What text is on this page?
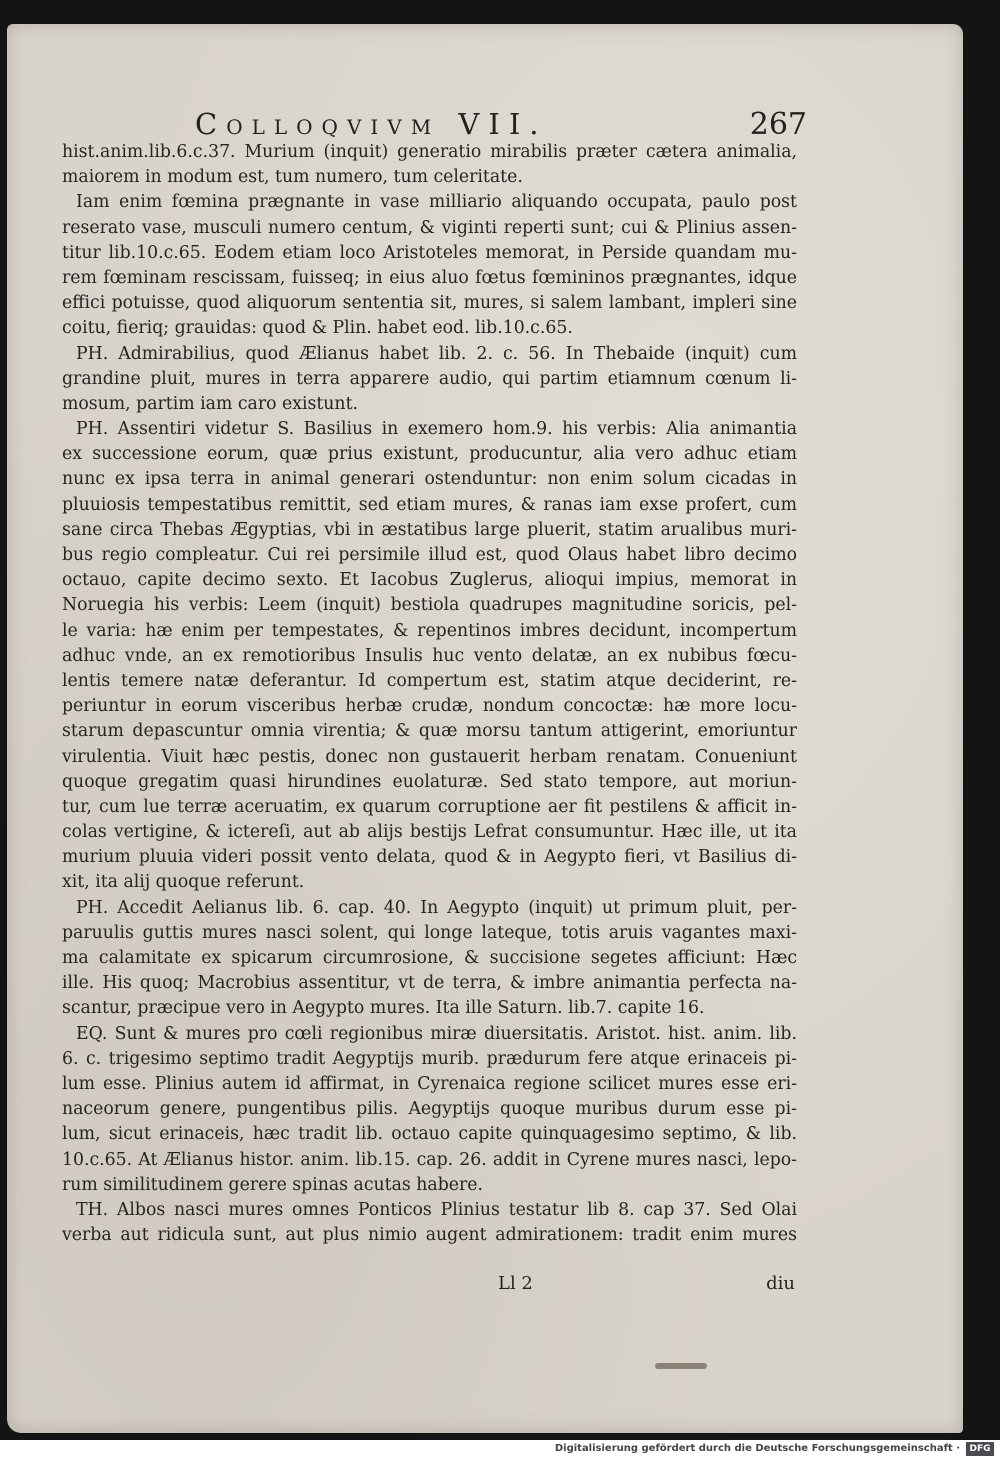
Colloqvivm VII.	267
hist.anim.lib.6.c.37. Murium (inquit) generatio mirabilis præter cætera animalia,
maiorem in modum est, tum numero, tum celeritate.
Iam enim fœmina prægnante in vase milliario aliquando occupata, paulo post
reserato vase, musculi numero centum, & viginti reperti sunt; cui & Plinius assen-
titur lib.10.c.65. Eodem etiam loco Aristoteles memorat, in Perside quandam mu-
rem fœminam rescissam, fuisseq; in eius aluo fœtus fœmininos prægnantes, idque
effici potuisse, quod aliquorum sententia sit, mures, si salem lambant, impleri sine
coitu, fieriq; grauidas: quod & Plin. habet eod. lib.10.c.65.
PH. Admirabilius, quod Ælianus habet lib. 2. c. 56. In Thebaide (inquit) cum
grandine pluit, mures in terra apparere audio, qui partim etiamnum cœnum li-
mosum, partim iam caro existunt.
PH. Assentiri videtur S. Basilius in exemero hom.9. his verbis: Alia animantia
ex successione eorum, quæ prius existunt, producuntur, alia vero adhuc etiam
nunc ex ipsa terra in animal generari ostenduntur: non enim solum cicadas in
pluuiosis tempestatibus remittit, sed etiam mures, & ranas iam exse profert, cum
sane circa Thebas Ægyptias, vbi in æstatibus large pluerit, statim arualibus muri-
bus regio compleatur. Cui rei persimile illud est, quod Olaus habet libro decimo
octauo, capite decimo sexto. Et Iacobus Zuglerus, alioqui impius, memorat in
Noruegia his verbis: Leem (inquit) bestiola quadrupes magnitudine soricis, pel-
le varia: hæ enim per tempestates, & repentinos imbres decidunt, incompertum
adhuc vnde, an ex remotioribus Insulis huc vento delatæ, an ex nubibus fœcu-
lentis temere natæ deferantur. Id compertum est, statim atque deciderint, re-
periuntur in eorum visceribus herbæ crudæ, nondum concoctæ: hæ more locu-
starum depascuntur omnia virentia; & quæ morsu tantum attigerint, emoriuntur
virulentia. Viuit hæc pestis, donec non gustauerit herbam renatam. Conueniunt
quoque gregatim quasi hirundines euolaturæ. Sed stato tempore, aut moriun-
tur, cum lue terræ aceruatim, ex quarum corruptione aer fit pestilens & afficit in-
colas vertigine, & ictereſi, aut ab alijs bestijs Lefrat consumuntur. Hæc ille, ut ita
murium pluuia videri possit vento delata, quod & in Aegypto fieri, vt Basilius di-
xit, ita alij quoque referunt.
PH. Accedit Aelianus lib. 6. cap. 40. In Aegypto (inquit) ut primum pluit, per-
paruulis guttis mures nasci solent, qui longe lateque, totis aruis vagantes maxi-
ma calamitate ex spicarum circumrosione, & succisione segetes afficiunt: Hæc
ille. His quoq; Macrobius assentitur, vt de terra, & imbre animantia perfecta na-
scantur, præcipue vero in Aegypto mures. Ita ille Saturn. lib.7. capite 16.
EQ. Sunt & mures pro cœli regionibus miræ diuersitatis. Aristot. hist. anim. lib.
6. c. trigesimo septimo tradit Aegyptijs murib. prædurum fere atque erinaceis pi-
lum esse. Plinius autem id affirmat, in Cyrenaica regione scilicet mures esse eri-
naceorum genere, pungentibus pilis. Aegyptijs quoque muribus durum esse pi-
lum, sicut erinaceis, hæc tradit lib. octauo capite quinquagesimo septimo, & lib.
10.c.65. At Ælianus histor. anim. lib.15. cap. 26. addit in Cyrene mures nasci, lepo-
rum similitudinem gerere spinas acutas habere.
TH. Albos nasci mures omnes Ponticos Plinius testatur lib 8. cap 37. Sed Olai
verba aut ridicula sunt, aut plus nimio augent admirationem: tradit enim mures
Ll 2	diu
Digitalisierung gefördert durch die Deutsche Forschungsgemeinschaft ·	DFG
